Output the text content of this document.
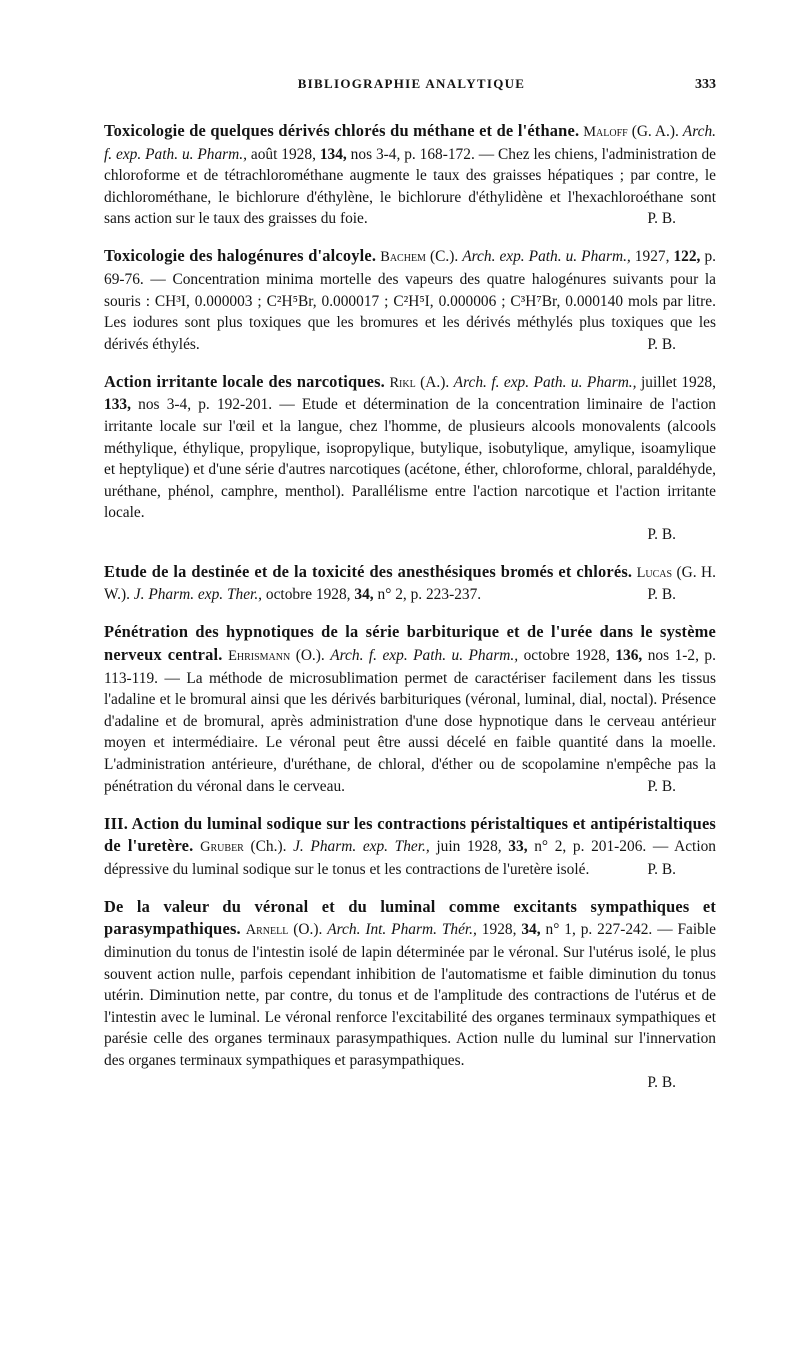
BIBLIOGRAPHIE ANALYTIQUE	333

Toxicologie de quelques dérivés chlorés du méthane et de l'éthane. Maloff (G. A.). Arch. f. exp. Path. u. Pharm., août 1928, 134, nos 3-4, p. 168-172. — Chez les chiens, l'administration de chloroforme et de tétrachlorométhane augmente le taux des graisses hépatiques ; par contre, le dichlorométhane, le bichlorure d'éthylène, le bichlorure d'éthylidène et l'hexachloroéthane sont sans action sur le taux des graisses du foie.	P. B.

Toxicologie des halogénures d'alcoyle. Bachem (C.). Arch. exp. Path. u. Pharm., 1927, 122, p. 69-76. — Concentration minima mortelle des vapeurs des quatre halogénures suivants pour la souris : CH³I, 0.000003 ; C²H⁵Br, 0.000017 ; C²H⁵I, 0.000006 ; C³H⁷Br, 0.000140 mols par litre. Les iodures sont plus toxiques que les bromures et les dérivés méthylés plus toxiques que les dérivés éthylés.	P. B.

Action irritante locale des narcotiques. Rikl (A.). Arch. f. exp. Path. u. Pharm., juillet 1928, 133, nos 3-4, p. 192-201. — Etude et détermination de la concentration liminaire de l'action irritante locale sur l'œil et la langue, chez l'homme, de plusieurs alcools monovalents (alcools méthylique, éthylique, propylique, isopropylique, butylique, isobutylique, amylique, isoamylique et heptylique) et d'une série d'autres narcotiques (acétone, éther, chloroforme, chloral, paraldéhyde, uréthane, phénol, camphre, menthol). Parallélisme entre l'action narcotique et l'action irritante locale.
P. B.

Etude de la destinée et de la toxicité des anesthésiques bromés et chlorés. Lucas (G. H. W.). J. Pharm. exp. Ther., octobre 1928, 34, n° 2, p. 223-237.	P. B.

Pénétration des hypnotiques de la série barbiturique et de l'urée dans le système nerveux central. Ehrismann (O.). Arch. f. exp. Path. u. Pharm., octobre 1928, 136, nos 1-2, p. 113-119. — La méthode de microsublimation permet de caractériser facilement dans les tissus l'adaline et le bromural ainsi que les dérivés barbituriques (véronal, luminal, dial, noctal). Présence d'adaline et de bromural, après administration d'une dose hypnotique dans le cerveau antérieur moyen et intermédiaire. Le véronal peut être aussi décelé en faible quantité dans la moelle. L'administration antérieure, d'uréthane, de chloral, d'éther ou de scopolamine n'empêche pas la pénétration du véronal dans le cerveau.	P. B.

III. Action du luminal sodique sur les contractions péristaltiques et antipéristaltiques de l'uretère. Gruber (Ch.). J. Pharm. exp. Ther., juin 1928, 33, n° 2, p. 201-206. — Action dépressive du luminal sodique sur le tonus et les contractions de l'uretère isolé.	P. B.

De la valeur du véronal et du luminal comme excitants sympathiques et parasympathiques. Arnell (O.). Arch. Int. Pharm. Thér., 1928, 34, n° 1, p. 227-242. — Faible diminution du tonus de l'intestin isolé de lapin déterminée par le véronal. Sur l'utérus isolé, le plus souvent action nulle, parfois cependant inhibition de l'automatisme et faible diminution du tonus utérin. Diminution nette, par contre, du tonus et de l'amplitude des contractions de l'utérus et de l'intestin avec le luminal. Le véronal renforce l'excitabilité des organes terminaux sympathiques et parésie celle des organes terminaux parasympathiques. Action nulle du luminal sur l'innervation des organes terminaux sympathiques et parasympathiques.
P. B.
